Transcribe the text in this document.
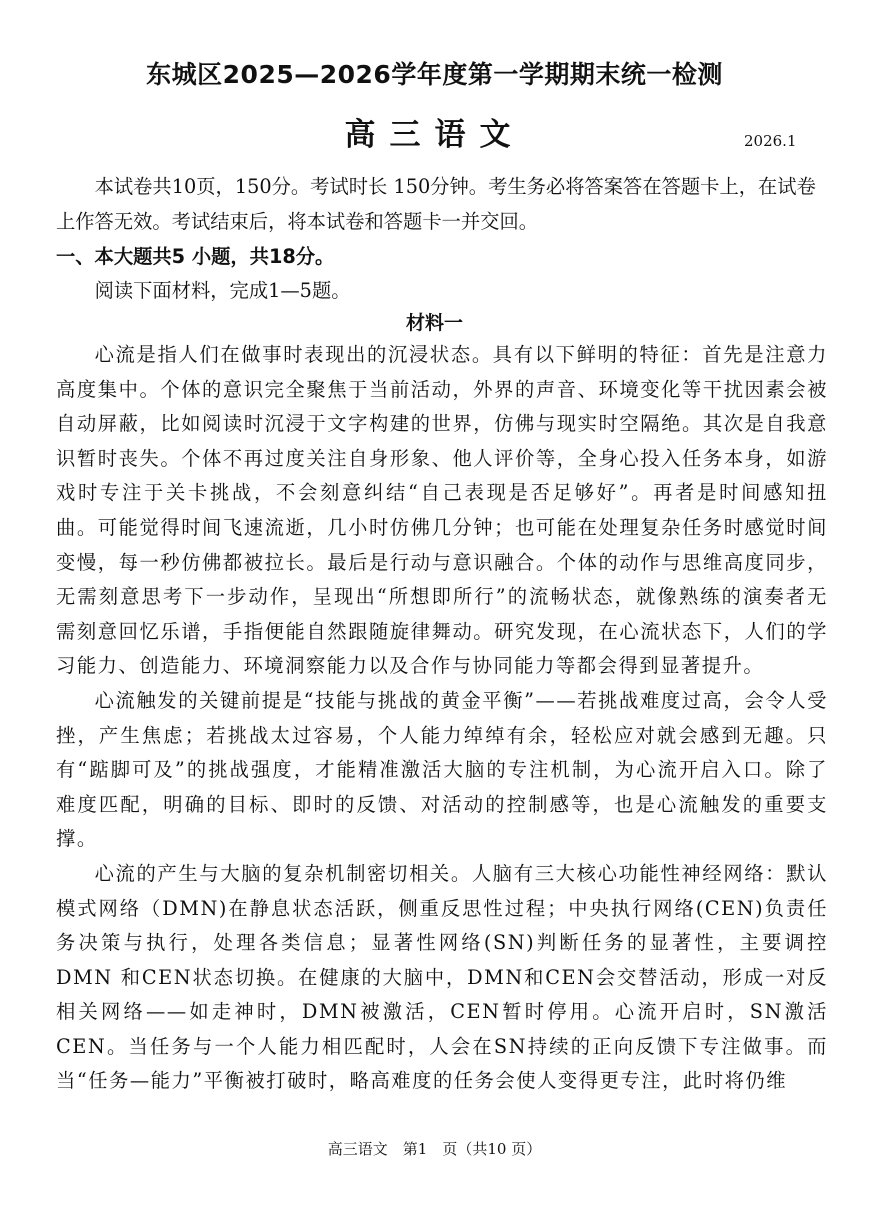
东城区2025—2026学年度第一学期期末统一检测
高三语文	2026.1
本试卷共10页，150分。考试时长 150分钟。考生务必将答案答在答题卡上，在试卷上作答无效。考试结束后，将本试卷和答题卡一并交回。
一、本大题共5 小题，共18分。
阅读下面材料，完成1—5题。
材料一

心流是指人们在做事时表现出的沉浸状态。具有以下鲜明的特征：首先是注意力高度集中。个体的意识完全聚焦于当前活动，外界的声音、环境变化等干扰因素会被自动屏蔽，比如阅读时沉浸于文字构建的世界，仿佛与现实时空隔绝。其次是自我意识暂时丧失。个体不再过度关注自身形象、他人评价等，全身心投入任务本身，如游戏时专注于关卡挑战，不会刻意纠结“自己表现是否足够好”。再者是时间感知扭曲。可能觉得时间飞速流逝，几小时仿佛几分钟；也可能在处理复杂任务时感觉时间变慢，每一秒仿佛都被拉长。最后是行动与意识融合。个体的动作与思维高度同步，无需刻意思考下一步动作，呈现出“所想即所行”的流畅状态，就像熟练的演奏者无需刻意回忆乐谱，手指便能自然跟随旋律舞动。研究发现，在心流状态下，人们的学习能力、创造能力、环境洞察能力以及合作与协同能力等都会得到显著提升。

心流触发的关键前提是“技能与挑战的黄金平衡”——若挑战难度过高，会令人受挫，产生焦虑；若挑战太过容易，个人能力绰绰有余，轻松应对就会感到无趣。只有“踮脚可及”的挑战强度，才能精准激活大脑的专注机制，为心流开启入口。除了难度匹配，明确的目标、即时的反馈、对活动的控制感等，也是心流触发的重要支撑。

心流的产生与大脑的复杂机制密切相关。人脑有三大核心功能性神经网络：默认模式网络（DMN)在静息状态活跃，侧重反思性过程；中央执行网络(CEN)负责任务决策与执行，处理各类信息；显著性网络(SN)判断任务的显著性，主要调控DMN 和CEN状态切换。在健康的大脑中，DMN和CEN会交替活动，形成一对反相关网络——如走神时，DMN被激活，CEN暂时停用。心流开启时，SN激活CEN。当任务与一个人能力相匹配时，人会在SN持续的正向反馈下专注做事。而当“任务—能力”平衡被打破时，略高难度的任务会使人变得更专注，此时将仍维

高三语文　第1　页（共10 页）
